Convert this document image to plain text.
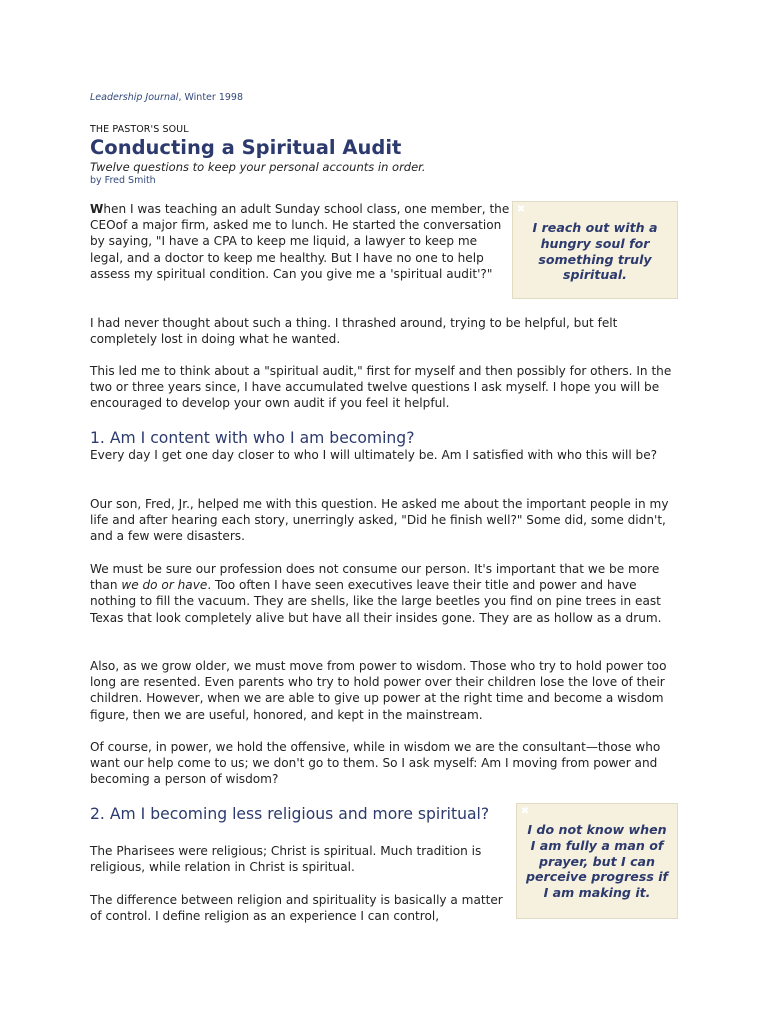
Leadership Journal, Winter 1998
THE PASTOR'S SOUL
Conducting a Spiritual Audit
Twelve questions to keep your personal accounts in order.
by Fred Smith

When I was teaching an adult Sunday school class, one member, the CEOof a major firm, asked me to lunch. He started the conversation by saying, "I have a CPA to keep me liquid, a lawyer to keep me legal, and a doctor to keep me healthy. But I have no one to help assess my spiritual condition. Can you give me a 'spiritual audit'?"

✖
I reach out with a hungry soul for something truly spiritual.

I had never thought about such a thing. I thrashed around, trying to be helpful, but felt completely lost in doing what he wanted.

This led me to think about a "spiritual audit," first for myself and then possibly for others. In the two or three years since, I have accumulated twelve questions I ask myself. I hope you will be encouraged to develop your own audit if you feel it helpful.

1. Am I content with who I am becoming?

Every day I get one day closer to who I will ultimately be. Am I satisfied with who this will be?

Our son, Fred, Jr., helped me with this question. He asked me about the important people in my life and after hearing each story, unerringly asked, "Did he finish well?" Some did, some didn't, and a few were disasters.

We must be sure our profession does not consume our person. It's important that we be more than we do or have. Too often I have seen executives leave their title and power and have nothing to fill the vacuum. They are shells, like the large beetles you find on pine trees in east Texas that look completely alive but have all their insides gone. They are as hollow as a drum.

Also, as we grow older, we must move from power to wisdom. Those who try to hold power too long are resented. Even parents who try to hold power over their children lose the love of their children. However, when we are able to give up power at the right time and become a wisdom figure, then we are useful, honored, and kept in the mainstream.

Of course, in power, we hold the offensive, while in wisdom we are the consultant—those who want our help come to us; we don't go to them. So I ask myself: Am I moving from power and becoming a person of wisdom?

2. Am I becoming less religious and more spiritual?	✖
I do not know when I am fully a man of prayer, but I can perceive progress if I am making it.

The Pharisees were religious; Christ is spiritual. Much tradition is religious, while relation in Christ is spiritual.

The difference between religion and spirituality is basically a matter of control. I define religion as an experience I can control,
